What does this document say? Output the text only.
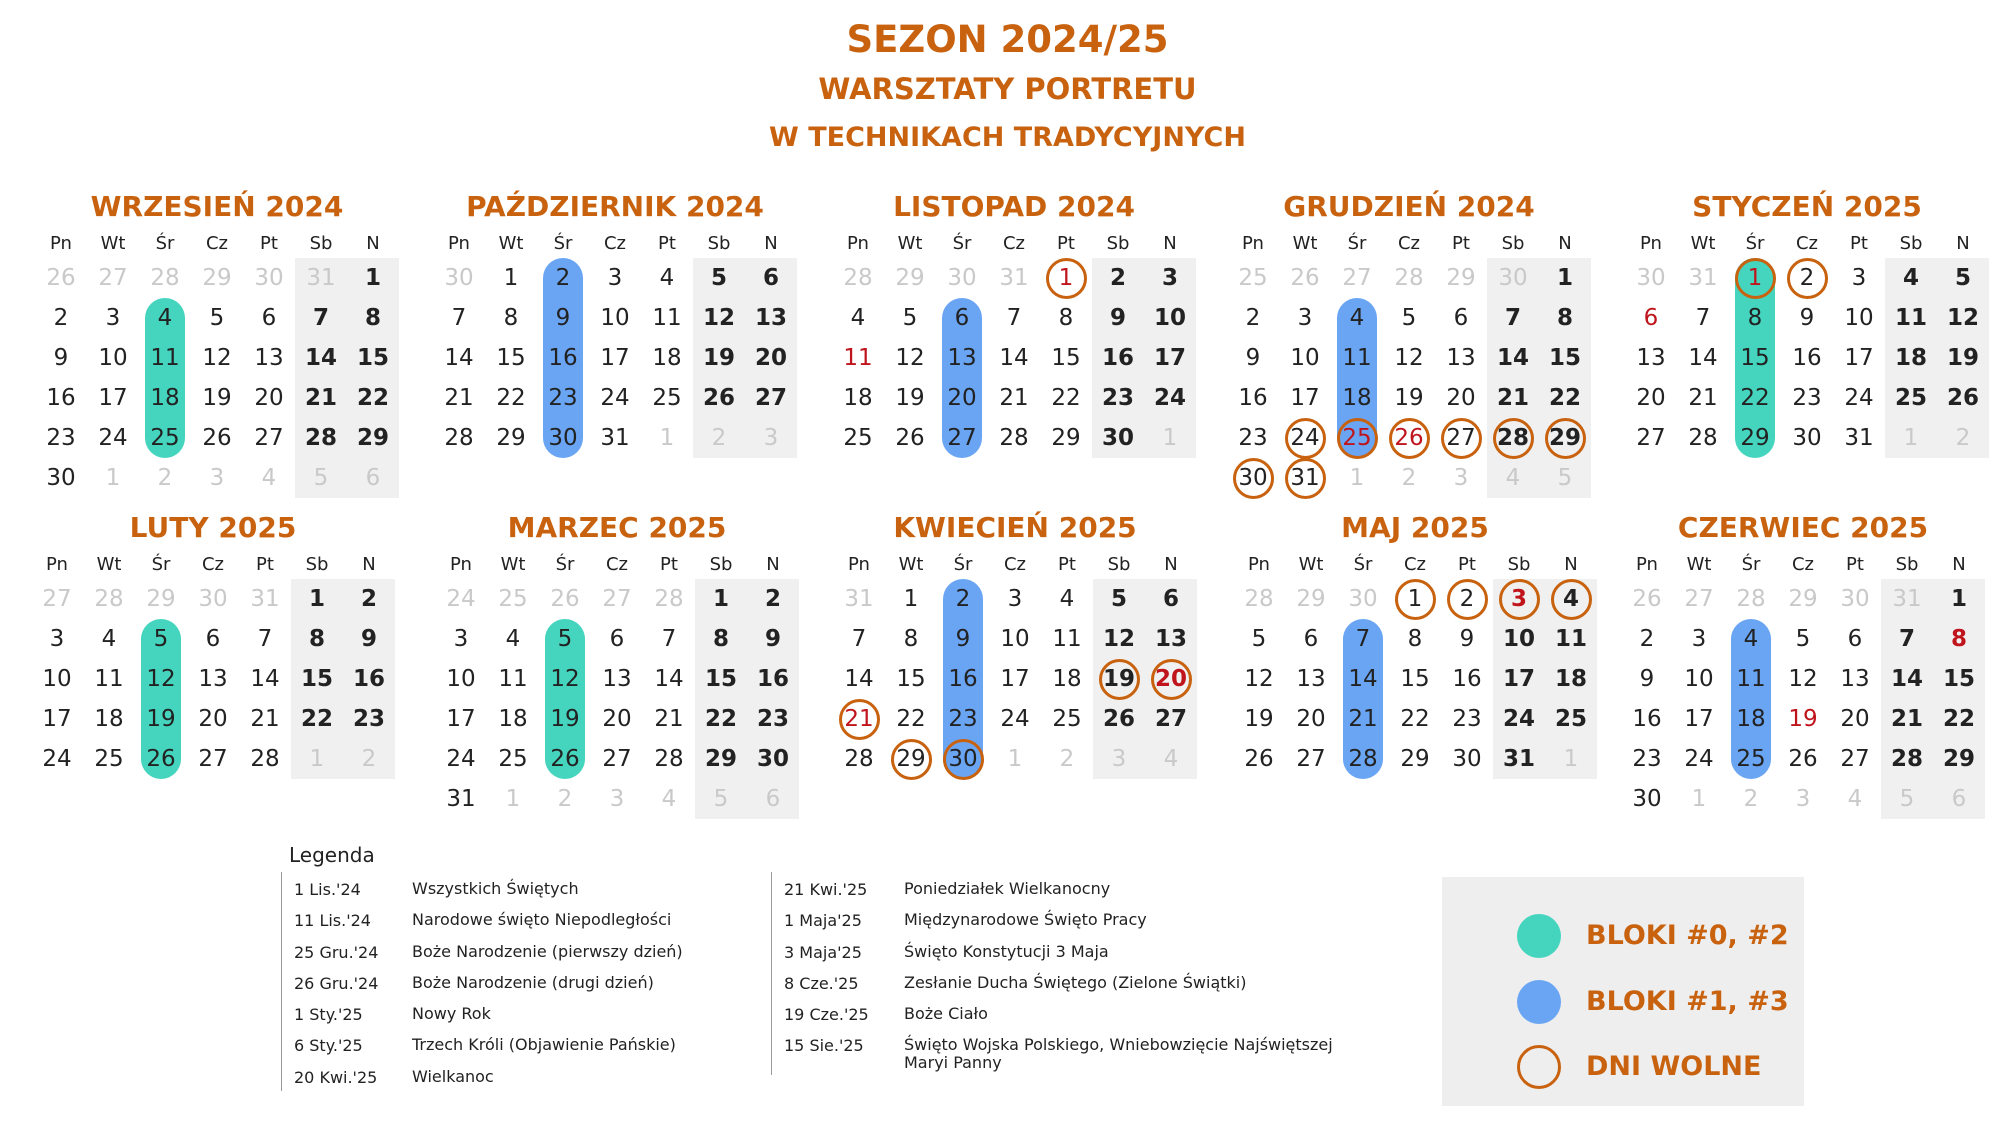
SEZON 2024/25
WARSZTATY PORTRETU
W TECHNIKACH TRADYCYJNYCH
WRZESIEŃ 2024
Pn	Wt	Śr	Cz	Pt	Sb	N
26 27 28 29 30 31	1
2	3	4	5	6	7	8
9	10 11 12 13 14 15
16 17 18 19 20 21 22
23 24 25 26 27 28 29
30	1	2	3	4	5	6
PAŹDZIERNIK 2024
Pn	Wt	Śr	Cz	Pt	Sb	N
30	1	2	3	4	5	6
7	8	9	10 11 12 13
14 15 16 17 18 19 20
21 22 23 24 25 26 27
28 29 30 31	1	2	3
LISTOPAD 2024
Pn	Wt	Śr	Cz	Pt	Sb	N
28 29 30 31	1	2	3
4	5	6	7	8	9	10
11 12 13 14 15 16 17
18 19 20 21 22 23 24
25 26 27 28 29 30	1
GRUDZIEŃ 2024
Pn	Wt	Śr	Cz	Pt	Sb	N
25 26 27 28 29 30	1
2	3	4	5	6	7	8
9	10 11 12 13 14 15
16 17 18 19 20 21 22
23 24 25 26 27 28 29
30 31	1	2	3	4	5
STYCZEŃ 2025
Pn	Wt	Śr	Cz	Pt	Sb	N
30 31	1	2	3	4	5
6	7	8	9	10 11 12
13 14 15 16 17 18 19
20 21 22 23 24 25 26
27 28 29 30 31	1	2
LUTY 2025
Pn	Wt	Śr	Cz	Pt	Sb	N
27 28 29 30 31	1	2
3	4	5	6	7	8	9
10 11 12 13 14 15 16
17 18 19 20 21 22 23
24 25 26 27 28	1	2
MARZEC 2025
Pn	Wt	Śr	Cz	Pt	Sb	N
24 25 26 27 28	1	2
3	4	5	6	7	8	9
10 11 12 13 14 15 16
17 18 19 20 21 22 23
24 25 26 27 28 29 30
31	1	2	3	4	5	6
KWIECIEŃ 2025
Pn	Wt	Śr	Cz	Pt	Sb	N
31	1	2	3	4	5	6
7	8	9	10 11 12 13
14 15 16 17 18 19 20
21 22 23 24 25 26 27
28 29 30	1	2	3	4
MAJ 2025
Pn	Wt	Śr	Cz	Pt	Sb	N
28 29 30	1	2	3	4
5	6	7	8	9	10 11
12 13 14 15 16 17 18
19 20 21 22 23 24 25
26 27 28 29 30 31	1
CZERWIEC 2025
Pn	Wt	Śr	Cz	Pt	Sb	N
26 27 28 29 30 31	1
2	3	4	5	6	7	8
9	10 11 12 13 14 15
16 17 18 19 20 21 22
23 24 25 26 27 28 29
30	1	2	3	4	5	6
Legenda
1 Lis.'24	Wszystkich Świętych
11 Lis.'24	Narodowe święto Niepodległości
25 Gru.'24 Boże Narodzenie (pierwszy dzień)
26 Gru.'24 Boże Narodzenie (drugi dzień)
1 Sty.'25	Nowy Rok
6 Sty.'25	Trzech Króli (Objawienie Pańskie)
20 Kwi.'25 Wielkanoc
21 Kwi.'25 Poniedziałek Wielkanocny
1 Maja'25	Międzynarodowe Święto Pracy
3 Maja'25	Święto Konstytucji 3 Maja
8 Cze.'25	Zesłanie Ducha Świętego (Zielone Świątki)
19 Cze.'25 Boże Ciało
15 Sie.'25	Święto Wojska Polskiego, Wniebowzięcie Najświętszej Maryi Panny
BLOKI #0, #2
BLOKI #1, #3
DNI WOLNE
